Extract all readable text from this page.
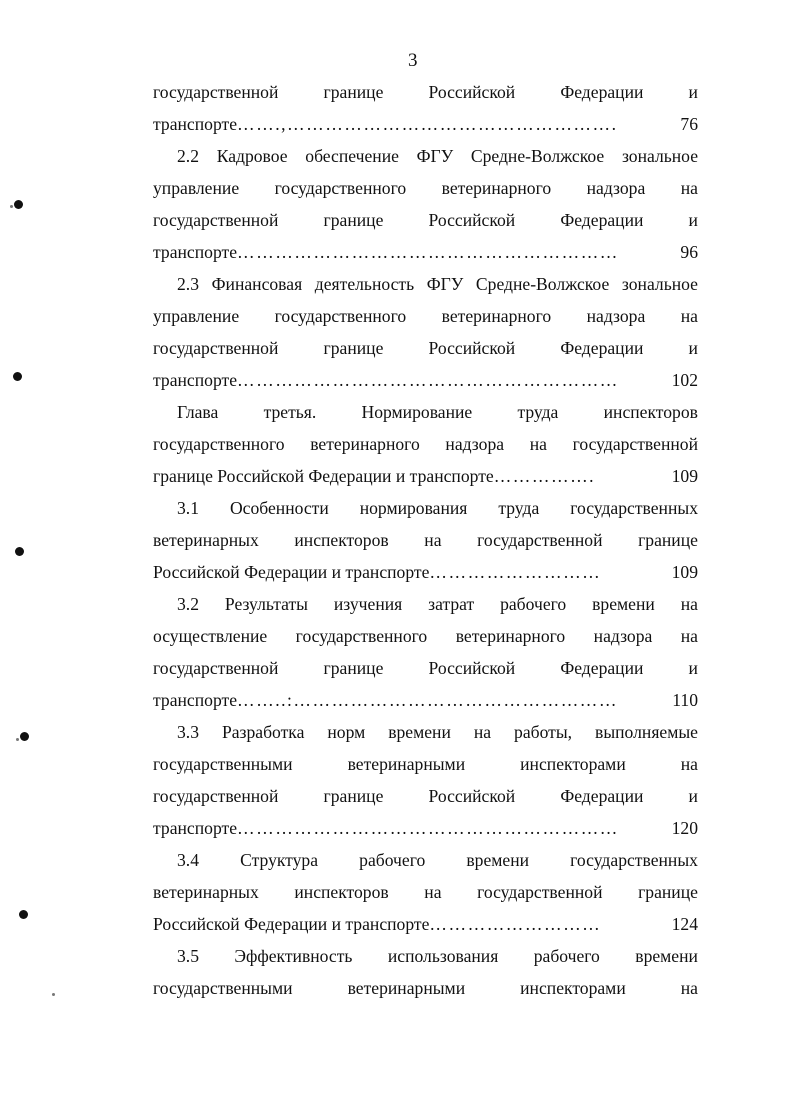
3
государственной	границе	Российской	Федерации	и
транспорте …….,…………………………………………….	76
2.2 Кадровое обеспечение ФГУ Средне-Волжское зональное
управление государственного ветеринарного надзора на
государственной	границе	Российской	Федерации	и
транспорте ……………………………………………………	96
2.3 Финансовая деятельность ФГУ Средне-Волжское зональное
управление государственного ветеринарного надзора на
государственной	границе	Российской	Федерации	и
транспорте ……………………………………………………	102
Глава	третья.	Нормирование	труда	инспекторов
государственного ветеринарного надзора на государственной
границе Российской Федерации и транспорте …………….	109
3.1 Особенности нормирования труда государственных
ветеринарных инспекторов на государственной границе
Российской Федерации и транспорте ………………………	109
3.2 Результаты изучения затрат рабочего времени на
осуществление государственного ветеринарного надзора на
государственной	границе	Российской	Федерации	и
транспорте ……..:……………………………………………	110
3.3 Разработка норм времени на работы, выполняемые
государственными	ветеринарными	инспекторами	на
государственной	границе	Российской	Федерации	и
транспорте ……………………………………………………	120
3.4 Структура рабочего времени государственных
ветеринарных инспекторов на государственной границе
Российской Федерации и транспорте ………………………	124
3.5 Эффективность использования рабочего времени
государственными	ветеринарными	инспекторами	на
